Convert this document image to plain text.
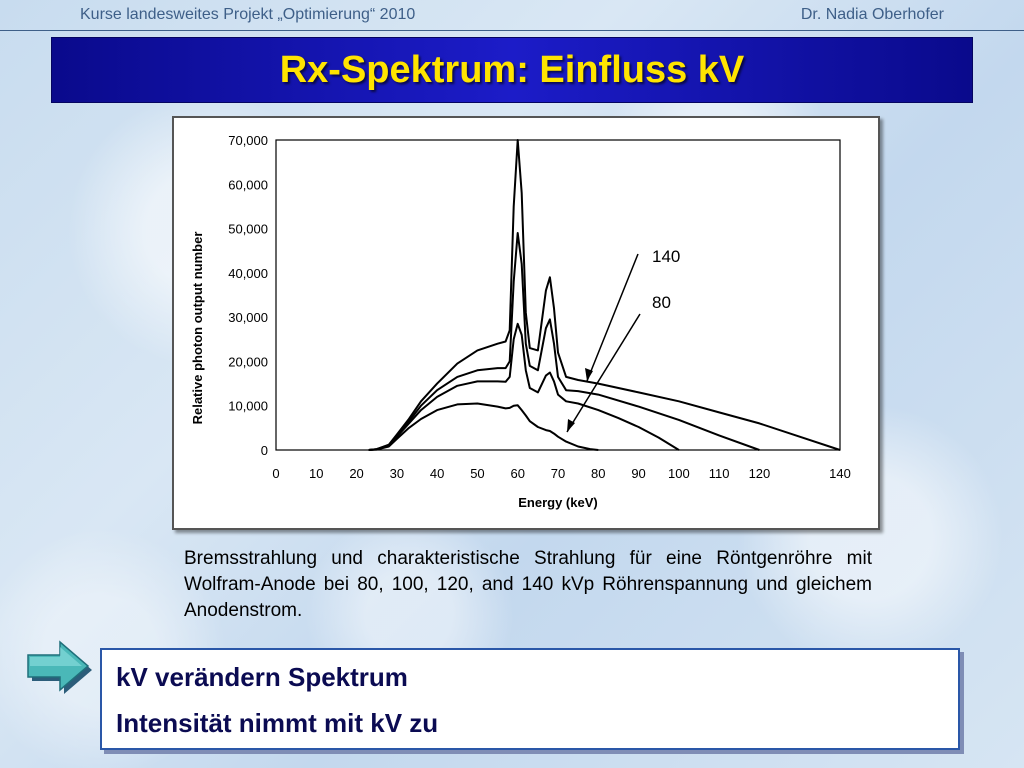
Kurse landesweites Projekt „Optimierung“ 2010	Dr. Nadia Oberhofer
Rx-Spektrum: Einfluss kV
0
10,000
20,000
30,000
40,000
50,000
60,000
70,000
0 10 20 30 40 50 60 70 80 90 100 110 120	140
Energy (keV)
Relative photon output number	140
80
Bremsstrahlung und charakteristische Strahlung für eine Röntgenröhre mit Wolfram-Anode bei 80, 100, 120, and 140 kVp Röhrenspannung und gleichem Anodenstrom.
kV verändern Spektrum
Intensität nimmt mit kV zu
